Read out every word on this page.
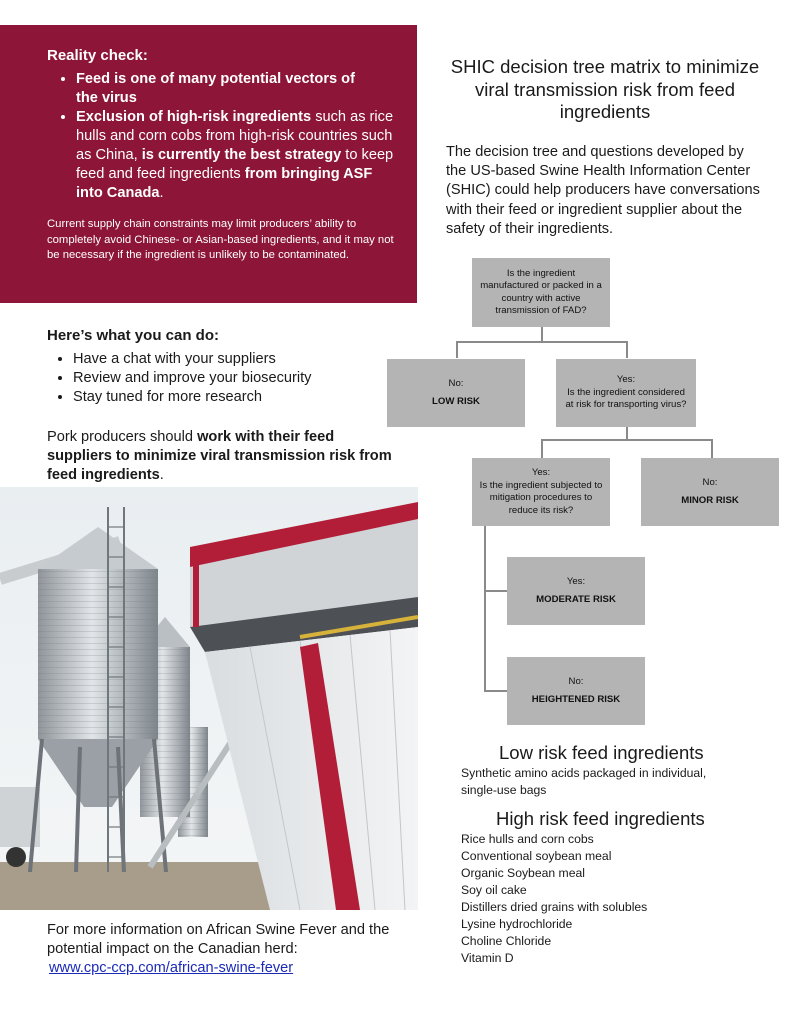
Reality check:
• Feed is one of many potential vectors of the virus
• Exclusion of high-risk ingredients such as rice hulls and corn cobs from high-risk countries such as China, is currently the best strategy to keep feed and feed ingredients from bringing ASF into Canada.

Current supply chain constraints may limit producers’ ability to completely avoid Chinese- or Asian-based ingredients, and it may not be necessary if the ingredient is unlikely to be contaminated.

Here’s what you can do:
• Have a chat with your suppliers
• Review and improve your biosecurity
• Stay tuned for more research

Pork producers should work with their feed suppliers to minimize viral transmission risk from feed ingredients.

For more information on African Swine Fever and the potential impact on the Canadian herd:
www.cpc-ccp.com/african-swine-fever

SHIC decision tree matrix to minimize viral transmission risk from feed ingredients

The decision tree and questions developed by the US-based Swine Health Information Center (SHIC) could help producers have conversations with their feed or ingredient supplier about the safety of their ingredients.

Is the ingredient manufactured or packed in a country with active transmission of FAD?
No:
LOW RISK
Yes:
Is the ingredient considered at risk for transporting virus?
Yes:
Is the ingredient subjected to mitigation procedures to reduce its risk?
No:
MINOR RISK
Yes:
MODERATE RISK
No:
HEIGHTENED RISK
Low risk feed ingredients
Synthetic amino acids packaged in individual, single-use bags
High risk feed ingredients
Rice hulls and corn cobs
Conventional soybean meal
Organic Soybean meal
Soy oil cake
Distillers dried grains with solubles
Lysine hydrochloride
Choline Chloride
Vitamin D
